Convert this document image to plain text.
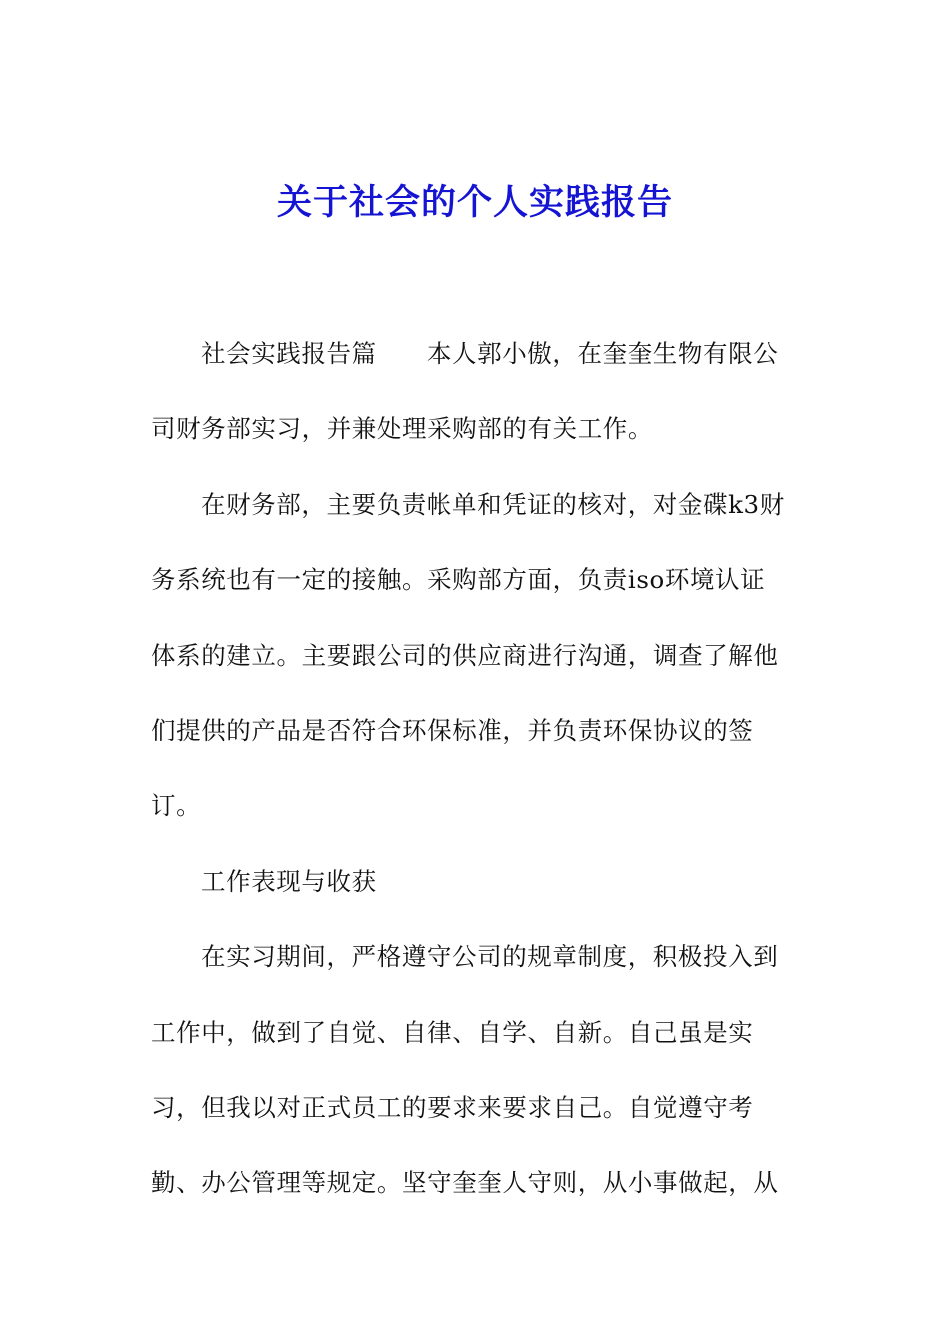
关于社会的个人实践报告
社会实践报告篇　　本人郭小傲，在奎奎生物有限公
司财务部实习，并兼处理采购部的有关工作。
在财务部，主要负责帐单和凭证的核对，对金碟k3财
务系统也有一定的接触。采购部方面，负责iso环境认证
体系的建立。主要跟公司的供应商进行沟通，调查了解他
们提供的产品是否符合环保标准，并负责环保协议的签
订。
工作表现与收获
在实习期间，严格遵守公司的规章制度，积极投入到
工作中，做到了自觉、自律、自学、自新。自己虽是实
习，但我以对正式员工的要求来要求自己。自觉遵守考
勤、办公管理等规定。坚守奎奎人守则，从小事做起，从
